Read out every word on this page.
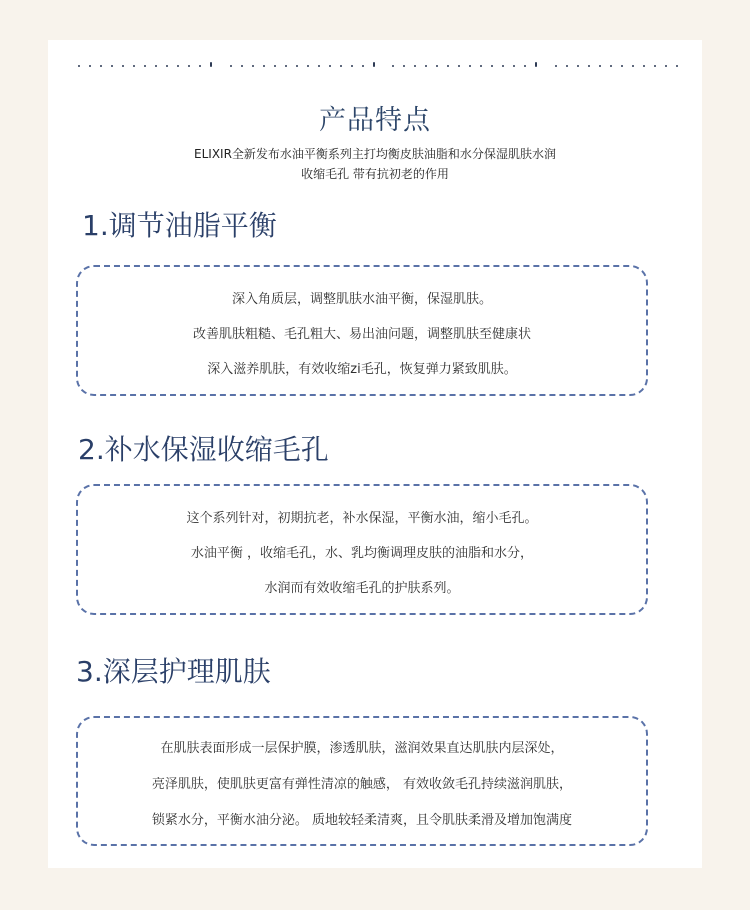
产品特点
ELIXIR全新发布水油平衡系列主打均衡皮肤油脂和水分保湿肌肤水润
收缩毛孔 带有抗初老的作用
1.调节油脂平衡
深入角质层，调整肌肤水油平衡，保湿肌肤。
改善肌肤粗糙、毛孔粗大、易出油问题，调整肌肤至健康状
深入滋养肌肤，有效收缩zi毛孔，恢复弹力紧致肌肤。
2.补水保湿收缩毛孔
这个系列针对，初期抗老，补水保湿，平衡水油，缩小毛孔。
水油平衡 ，收缩毛孔，水、乳均衡调理皮肤的油脂和水分，
水润而有效收缩毛孔的护肤系列。
3.深层护理肌肤
在肌肤表面形成一层保护膜，渗透肌肤，滋润效果直达肌肤内层深处，
亮泽肌肤，使肌肤更富有弹性清凉的触感， 有效收敛毛孔持续滋润肌肤，
锁紧水分，平衡水油分泌。 质地较轻柔清爽，且令肌肤柔滑及增加饱满度
